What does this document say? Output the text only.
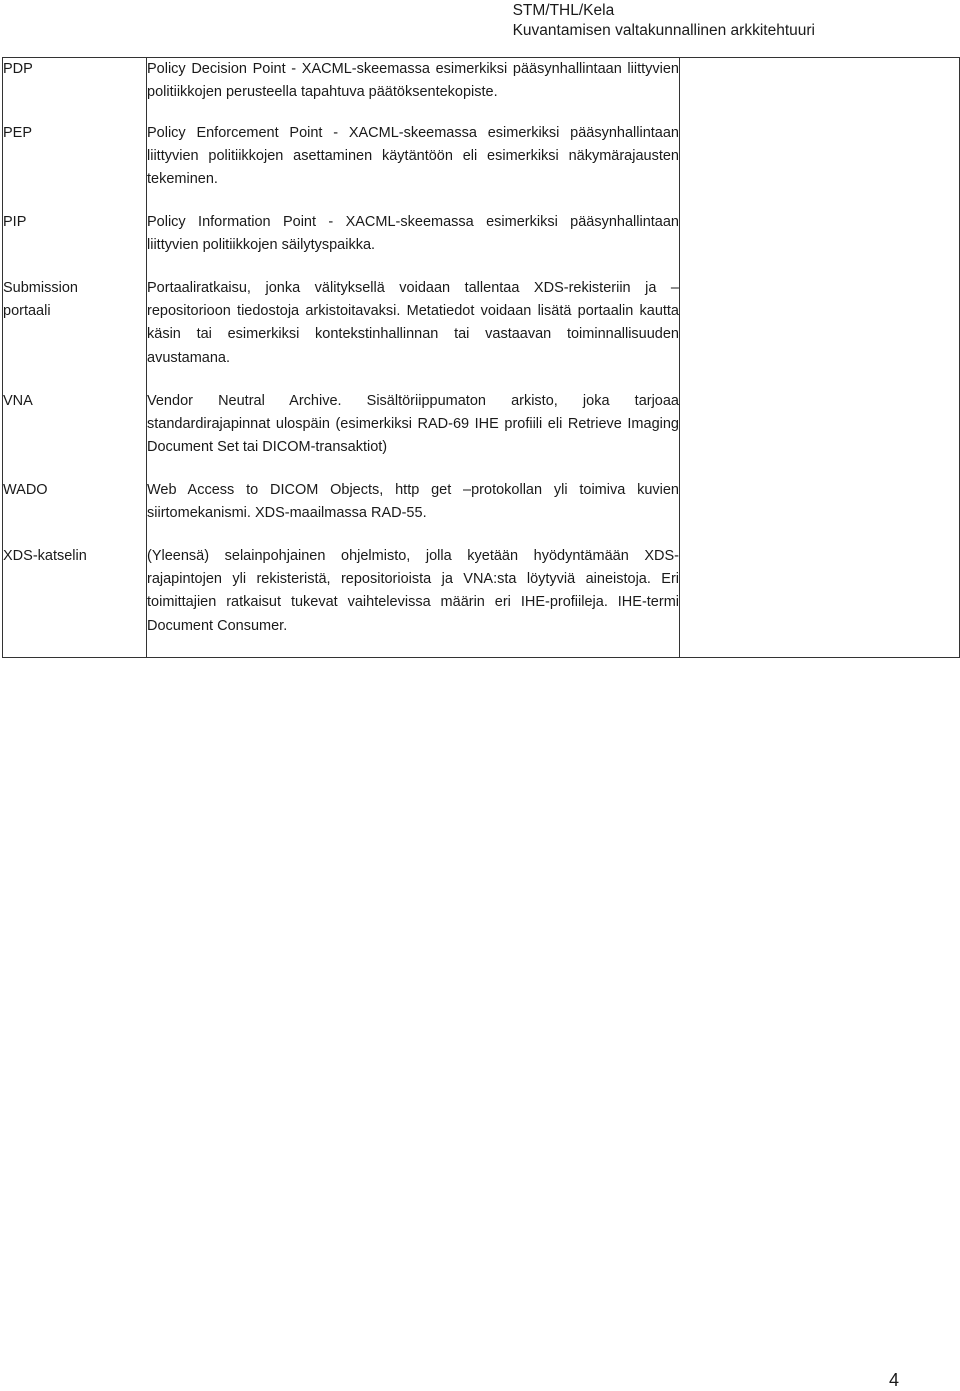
STM/THL/Kela
Kuvantamisen valtakunnallinen arkkitehtuuri
PDP	Policy Decision Point - XACML-skeemassa esimerkiksi pääsynhallintaan liittyvien politiikkojen perusteella tapahtuva päätöksentekopiste.	
PEP	Policy Enforcement Point - XACML-skeemassa esimerkiksi pääsynhallintaan liittyvien politiikkojen asettaminen käytäntöön eli esimerkiksi näkymärajausten tekeminen.	
PIP	Policy Information Point - XACML-skeemassa esimerkiksi pääsynhallintaan liittyvien politiikkojen säilytyspaikka.	

Submission
portaali	Portaaliratkaisu, jonka välityksellä voidaan tallentaa XDS-rekisteriin ja – repositorioon tiedostoja arkistoitavaksi. Metatiedot voidaan lisätä portaalin kautta käsin tai esimerkiksi kontekstinhallinnan tai vastaavan toiminnallisuuden avustamana.	
VNA	Vendor Neutral Archive. Sisältöriippumaton arkisto, joka tarjoaa standardirajapinnat ulospäin (esimerkiksi RAD-69 IHE profiili eli Retrieve Imaging Document Set tai DICOM-transaktiot)	
WADO	Web Access to DICOM Objects, http get –protokollan yli toimiva kuvien siirtomekanismi. XDS-maailmassa RAD-55.	
XDS-katselin	(Yleensä) selainpohjainen ohjelmisto, jolla kyetään hyödyntämään XDS-rajapintojen yli rekisteristä, repositorioista ja VNA:sta löytyviä aineistoja. Eri toimittajien ratkaisut tukevat vaihtelevissa määrin eri IHE-profiileja. IHE-termi Document Consumer.	
4
